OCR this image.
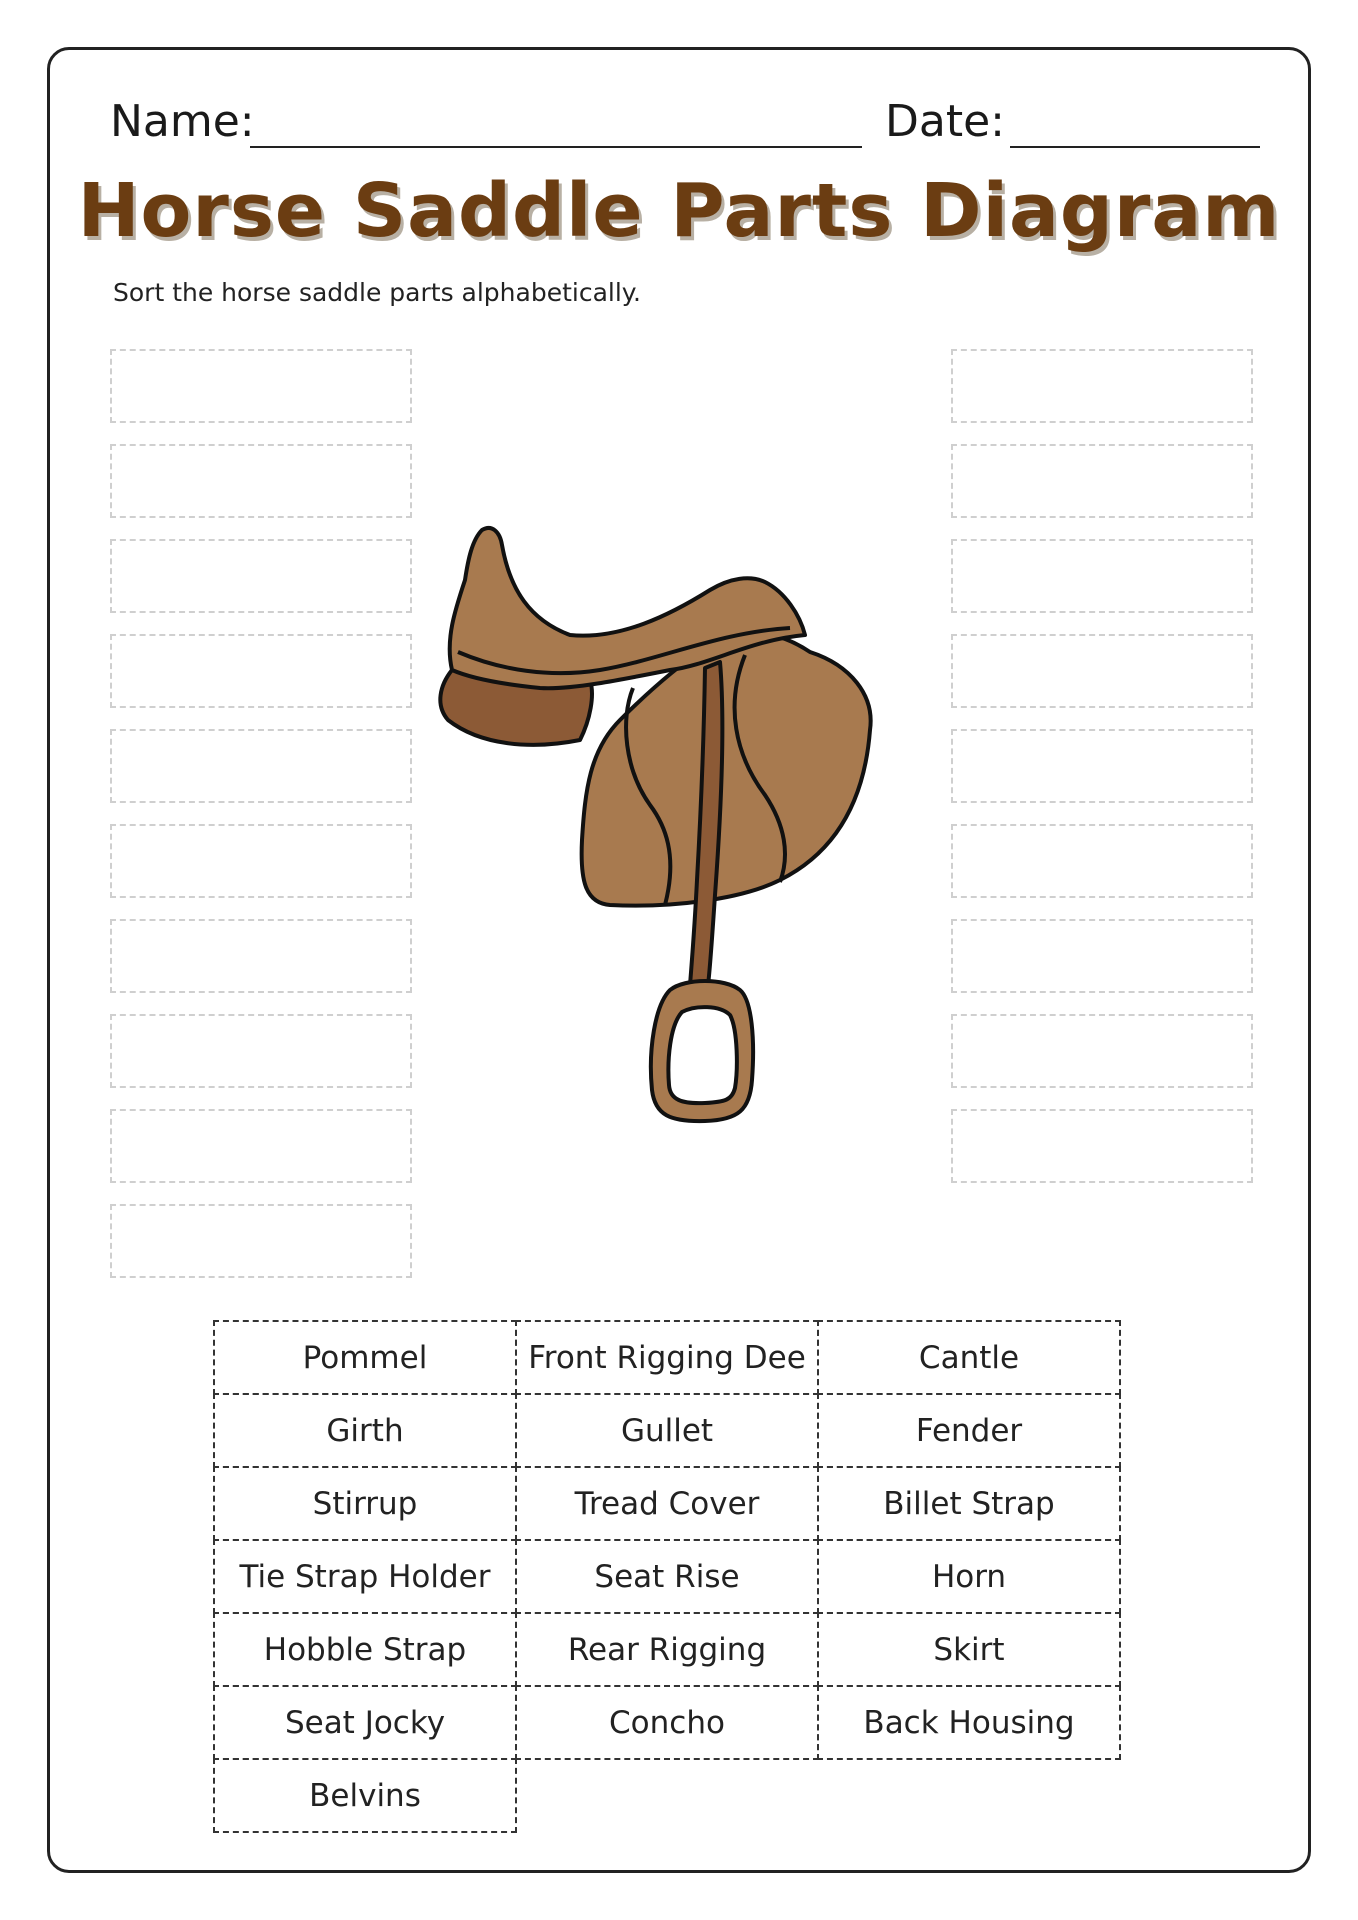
Name:	Date:
Horse Saddle Parts Diagram
Sort the horse saddle parts alphabetically.
Pommel	Front Rigging Dee	Cantle
Girth	Gullet	Fender
Stirrup	Tread Cover	Billet Strap
Tie Strap Holder	Seat Rise	Horn
Hobble Strap	Rear Rigging	Skirt
Seat Jocky	Concho	Back Housing
Belvins
